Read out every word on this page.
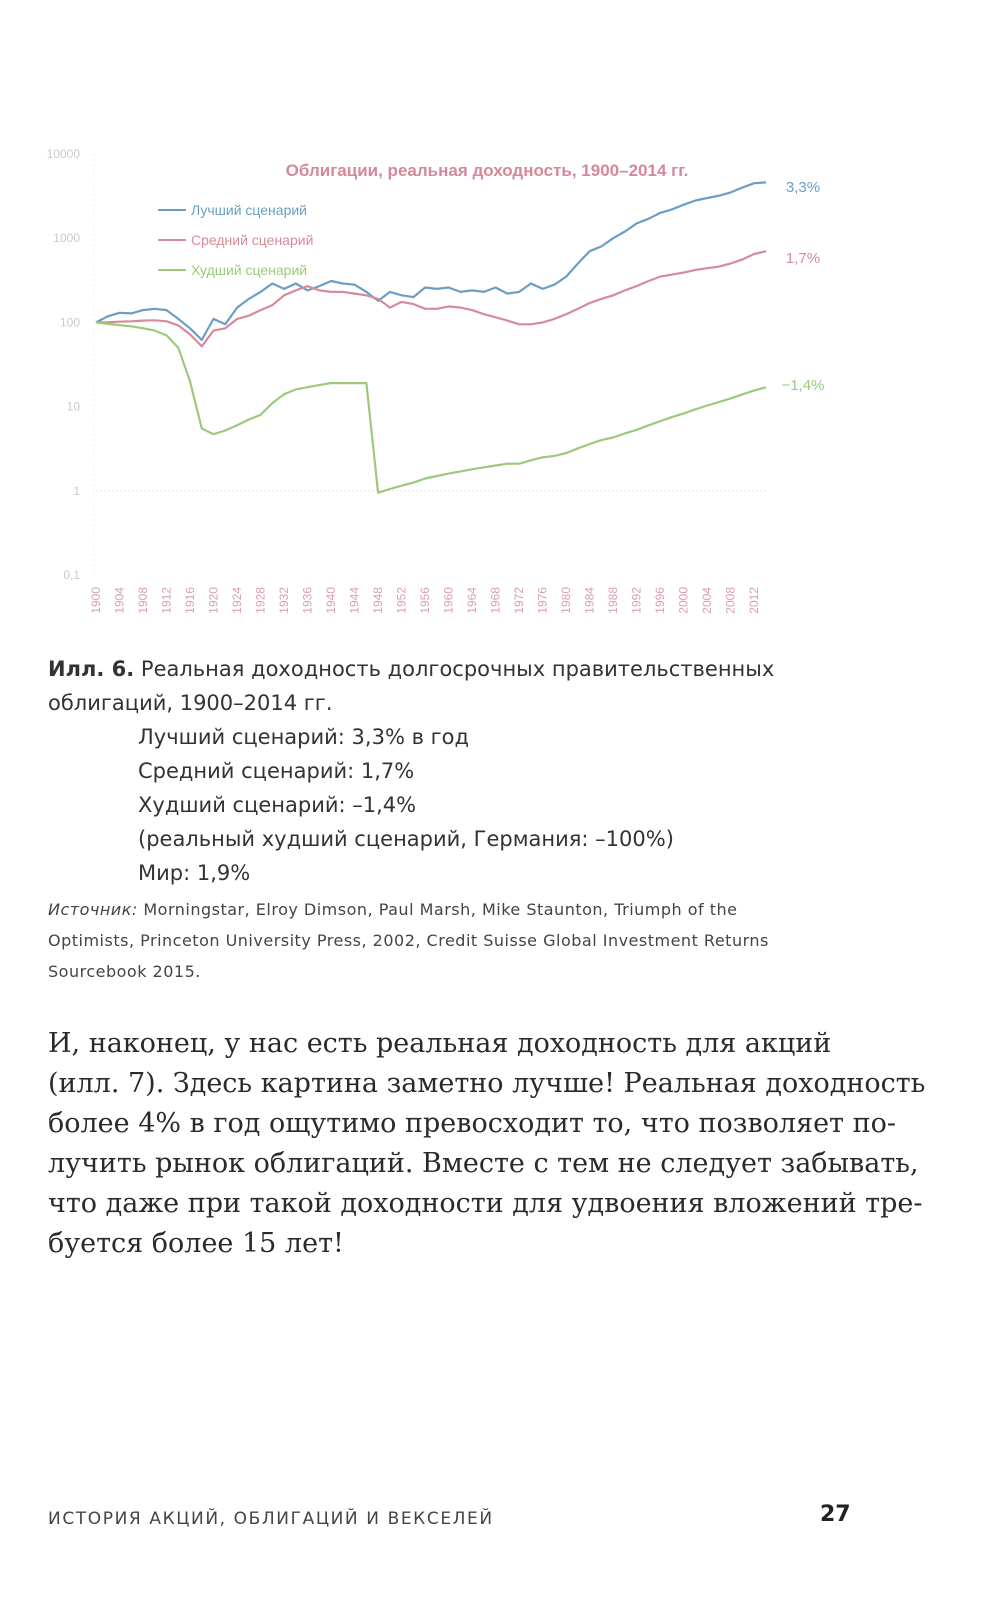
Облигации, реальная доходность, 1900–2014 гг.
Лучший сценарий
Средний сценарий
Худший сценарий
10000
1000
100
10
1
0,1
1900 1904 1908 1912 1916 1920 1924 1928 1932 1936 1940 1944 1948 1952 1956 1960 1964 1968 1972 1976 1980 1984 1988 1992 1996 2000 2004 2008 2012
3,3%
1,7%
−1,4%
Илл. 6. Реальная доходность долгосрочных правительственных
облигаций, 1900–2014 гг.
Лучший сценарий: 3,3% в год
Средний сценарий: 1,7%
Худший сценарий: –1,4%
(реальный худший сценарий, Германия: –100%)
Мир: 1,9%
Источник: Morningstar, Elroy Dimson, Paul Marsh, Mike Staunton, Triumph of the
Optimists, Princeton University Press, 2002, Credit Suisse Global Investment Returns
Sourcebook 2015.
И, наконец, у нас есть реальная доходность для акций
(илл. 7). Здесь картина заметно лучше! Реальная доходность
более 4% в год ощутимо превосходит то, что позволяет по-
лучить рынок облигаций. Вместе с тем не следует забывать,
что даже при такой доходности для удвоения вложений тре-
буется более 15 лет!
ИСТОРИЯ АКЦИЙ, ОБЛИГАЦИЙ И ВЕКСЕЛЕЙ	27
